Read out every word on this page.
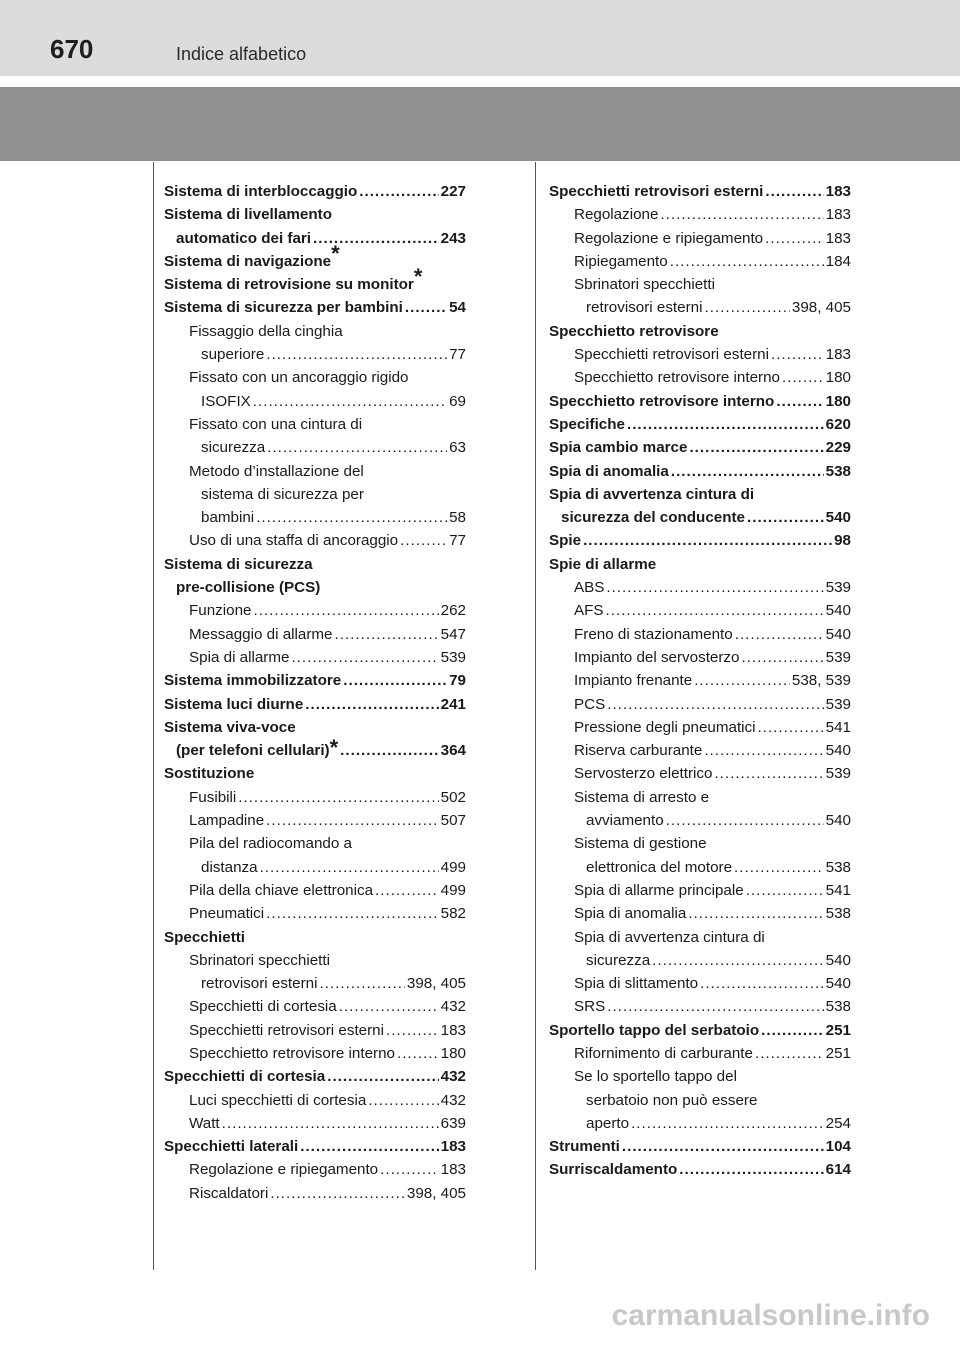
670	Indice alfabetico
Sistema di interbloccaggio .....	227
Sistema di livellamento
automatico dei fari .....	243
Sistema di navigazione*
Sistema di retrovisione su monitor*
Sistema di sicurezza per bambini .....	54
Fissaggio della cinghia
superiore .....	77
Fissato con un ancoraggio rigido
ISOFIX .....	69
Fissato con una cintura di
sicurezza .....	63
Metodo d’installazione del
sistema di sicurezza per
bambini .....	58
Uso di una staffa di ancoraggio .....	77
Sistema di sicurezza
pre-collisione (PCS)
Funzione .....	262
Messaggio di allarme .....	547
Spia di allarme .....	539
Sistema immobilizzatore .....	79
Sistema luci diurne .....	241
Sistema viva-voce
(per telefoni cellulari) * .....	364
Sostituzione
Fusibili .....	502
Lampadine .....	507
Pila del radiocomando a
distanza .....	499
Pila della chiave elettronica .....	499
Pneumatici .....	582
Specchietti
Sbrinatori specchietti
retrovisori esterni .....	398, 405
Specchietti di cortesia .....	432
Specchietti retrovisori esterni .....	183
Specchietto retrovisore interno .....	180
Specchietti di cortesia .....	432
Luci specchietti di cortesia .....	432
Watt .....	639
Specchietti laterali .....	183
Regolazione e ripiegamento .....	183
Riscaldatori .....	398, 405
Specchietti retrovisori esterni .....	183
Regolazione .....	183
Regolazione e ripiegamento .....	183
Ripiegamento .....	184
Sbrinatori specchietti
retrovisori esterni .....	398, 405
Specchietto retrovisore
Specchietti retrovisori esterni .....	183
Specchietto retrovisore interno .....	180
Specchietto retrovisore interno .....	180
Specifiche .....	620
Spia cambio marce .....	229
Spia di anomalia .....	538
Spia di avvertenza cintura di
sicurezza del conducente .....	540
Spie .....	98
Spie di allarme
ABS .....	539
AFS .....	540
Freno di stazionamento .....	540
Impianto del servosterzo .....	539
Impianto frenante .....	538, 539
PCS .....	539
Pressione degli pneumatici .....	541
Riserva carburante .....	540
Servosterzo elettrico .....	539
Sistema di arresto e
avviamento .....	540
Sistema di gestione
elettronica del motore .....	538
Spia di allarme principale .....	541
Spia di anomalia .....	538
Spia di avvertenza cintura di
sicurezza .....	540
Spia di slittamento .....	540
SRS .....	538
Sportello tappo del serbatoio .....	251
Rifornimento di carburante .....	251
Se lo sportello tappo del
serbatoio non può essere
aperto .....	254
Strumenti .....	104
Surriscaldamento .....	614
carmanualsonline.info
